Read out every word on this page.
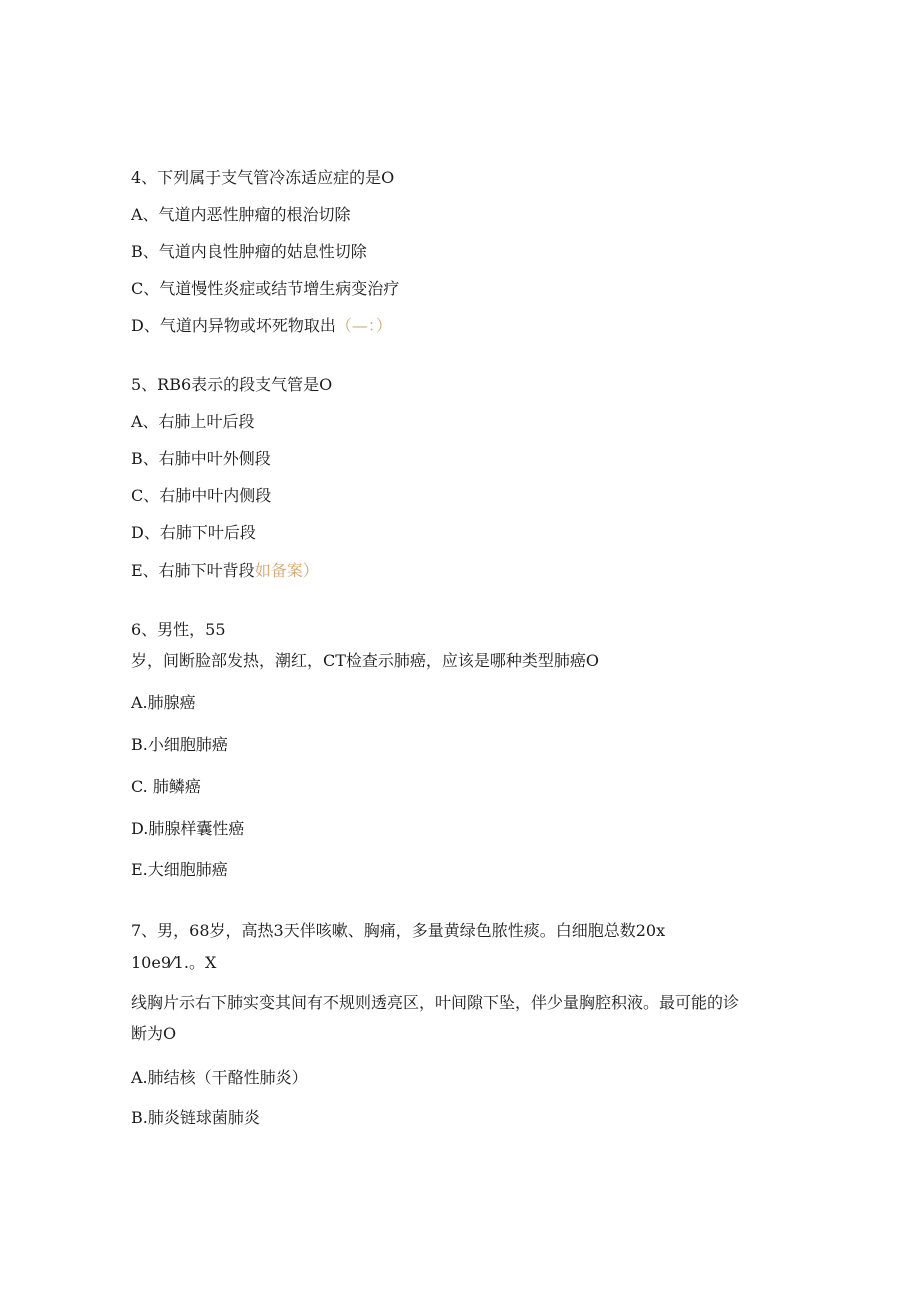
4、下列属于支气管冷冻适应症的是O
A、气道内恶性肿瘤的根治切除
B、气道内良性肿瘤的姑息性切除
C、气道慢性炎症或结节增生病变治疗
D、气道内异物或坏死物取出（—：）
5、RB6表示的段支气管是O
A、右肺上叶后段
B、右肺中叶外侧段
C、右肺中叶内侧段
D、右肺下叶后段
E、右肺下叶背段如备案）
6、男性，55
岁，间断脸部发热，潮红，CT检查示肺癌，应该是哪种类型肺癌O
A.肺腺癌
B.小细胞肺癌
C. 肺鳞癌
D.肺腺样囊性癌
E.大细胞肺癌
7、男，68岁，高热3天伴咳嗽、胸痛，多量黄绿色脓性痰。白细胞总数20x
10e9⁄1.。X
线胸片示右下肺实变其间有不规则透亮区，叶间隙下坠，伴少量胸腔积液。最可能的诊
断为O
A.肺结核（干酪性肺炎）
B.肺炎链球菌肺炎
